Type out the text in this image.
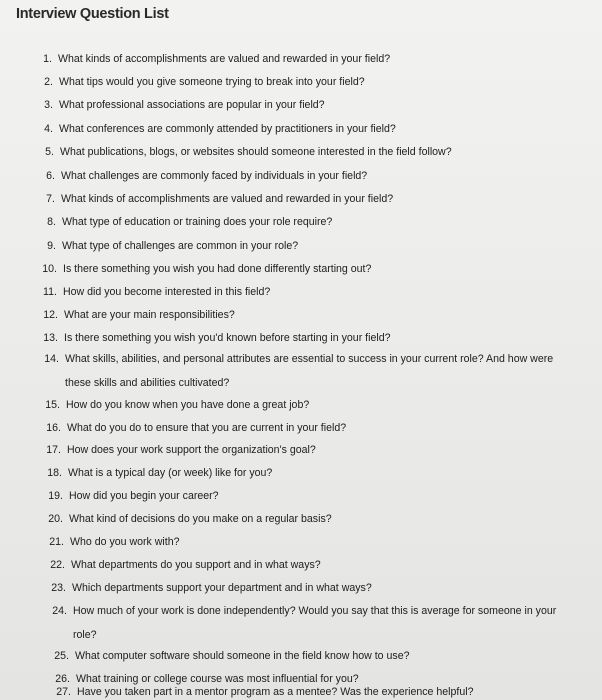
Interview Question List
1. What kinds of accomplishments are valued and rewarded in your field?
2. What tips would you give someone trying to break into your field?
3. What professional associations are popular in your field?
4. What conferences are commonly attended by practitioners in your field?
5. What publications, blogs, or websites should someone interested in the field follow?
6. What challenges are commonly faced by individuals in your field?
7. What kinds of accomplishments are valued and rewarded in your field?
8. What type of education or training does your role require?
9. What type of challenges are common in your role?
10. Is there something you wish you had done differently starting out?
11. How did you become interested in this field?
12. What are your main responsibilities?
13. Is there something you wish you'd known before starting in your field?
14. What skills, abilities, and personal attributes are essential to success in your current role? And how were
these skills and abilities cultivated?
15. How do you know when you have done a great job?
16. What do you do to ensure that you are current in your field?
17. How does your work support the organization's goal?
18. What is a typical day (or week) like for you?
19. How did you begin your career?
20. What kind of decisions do you make on a regular basis?
21. Who do you work with?
22. What departments do you support and in what ways?
23. Which departments support your department and in what ways?
24. How much of your work is done independently? Would you say that this is average for someone in your
role?
25. What computer software should someone in the field know how to use?
26. What training or college course was most influential for you?
27. Have you taken part in a mentor program as a mentee? Was the experience helpful?
